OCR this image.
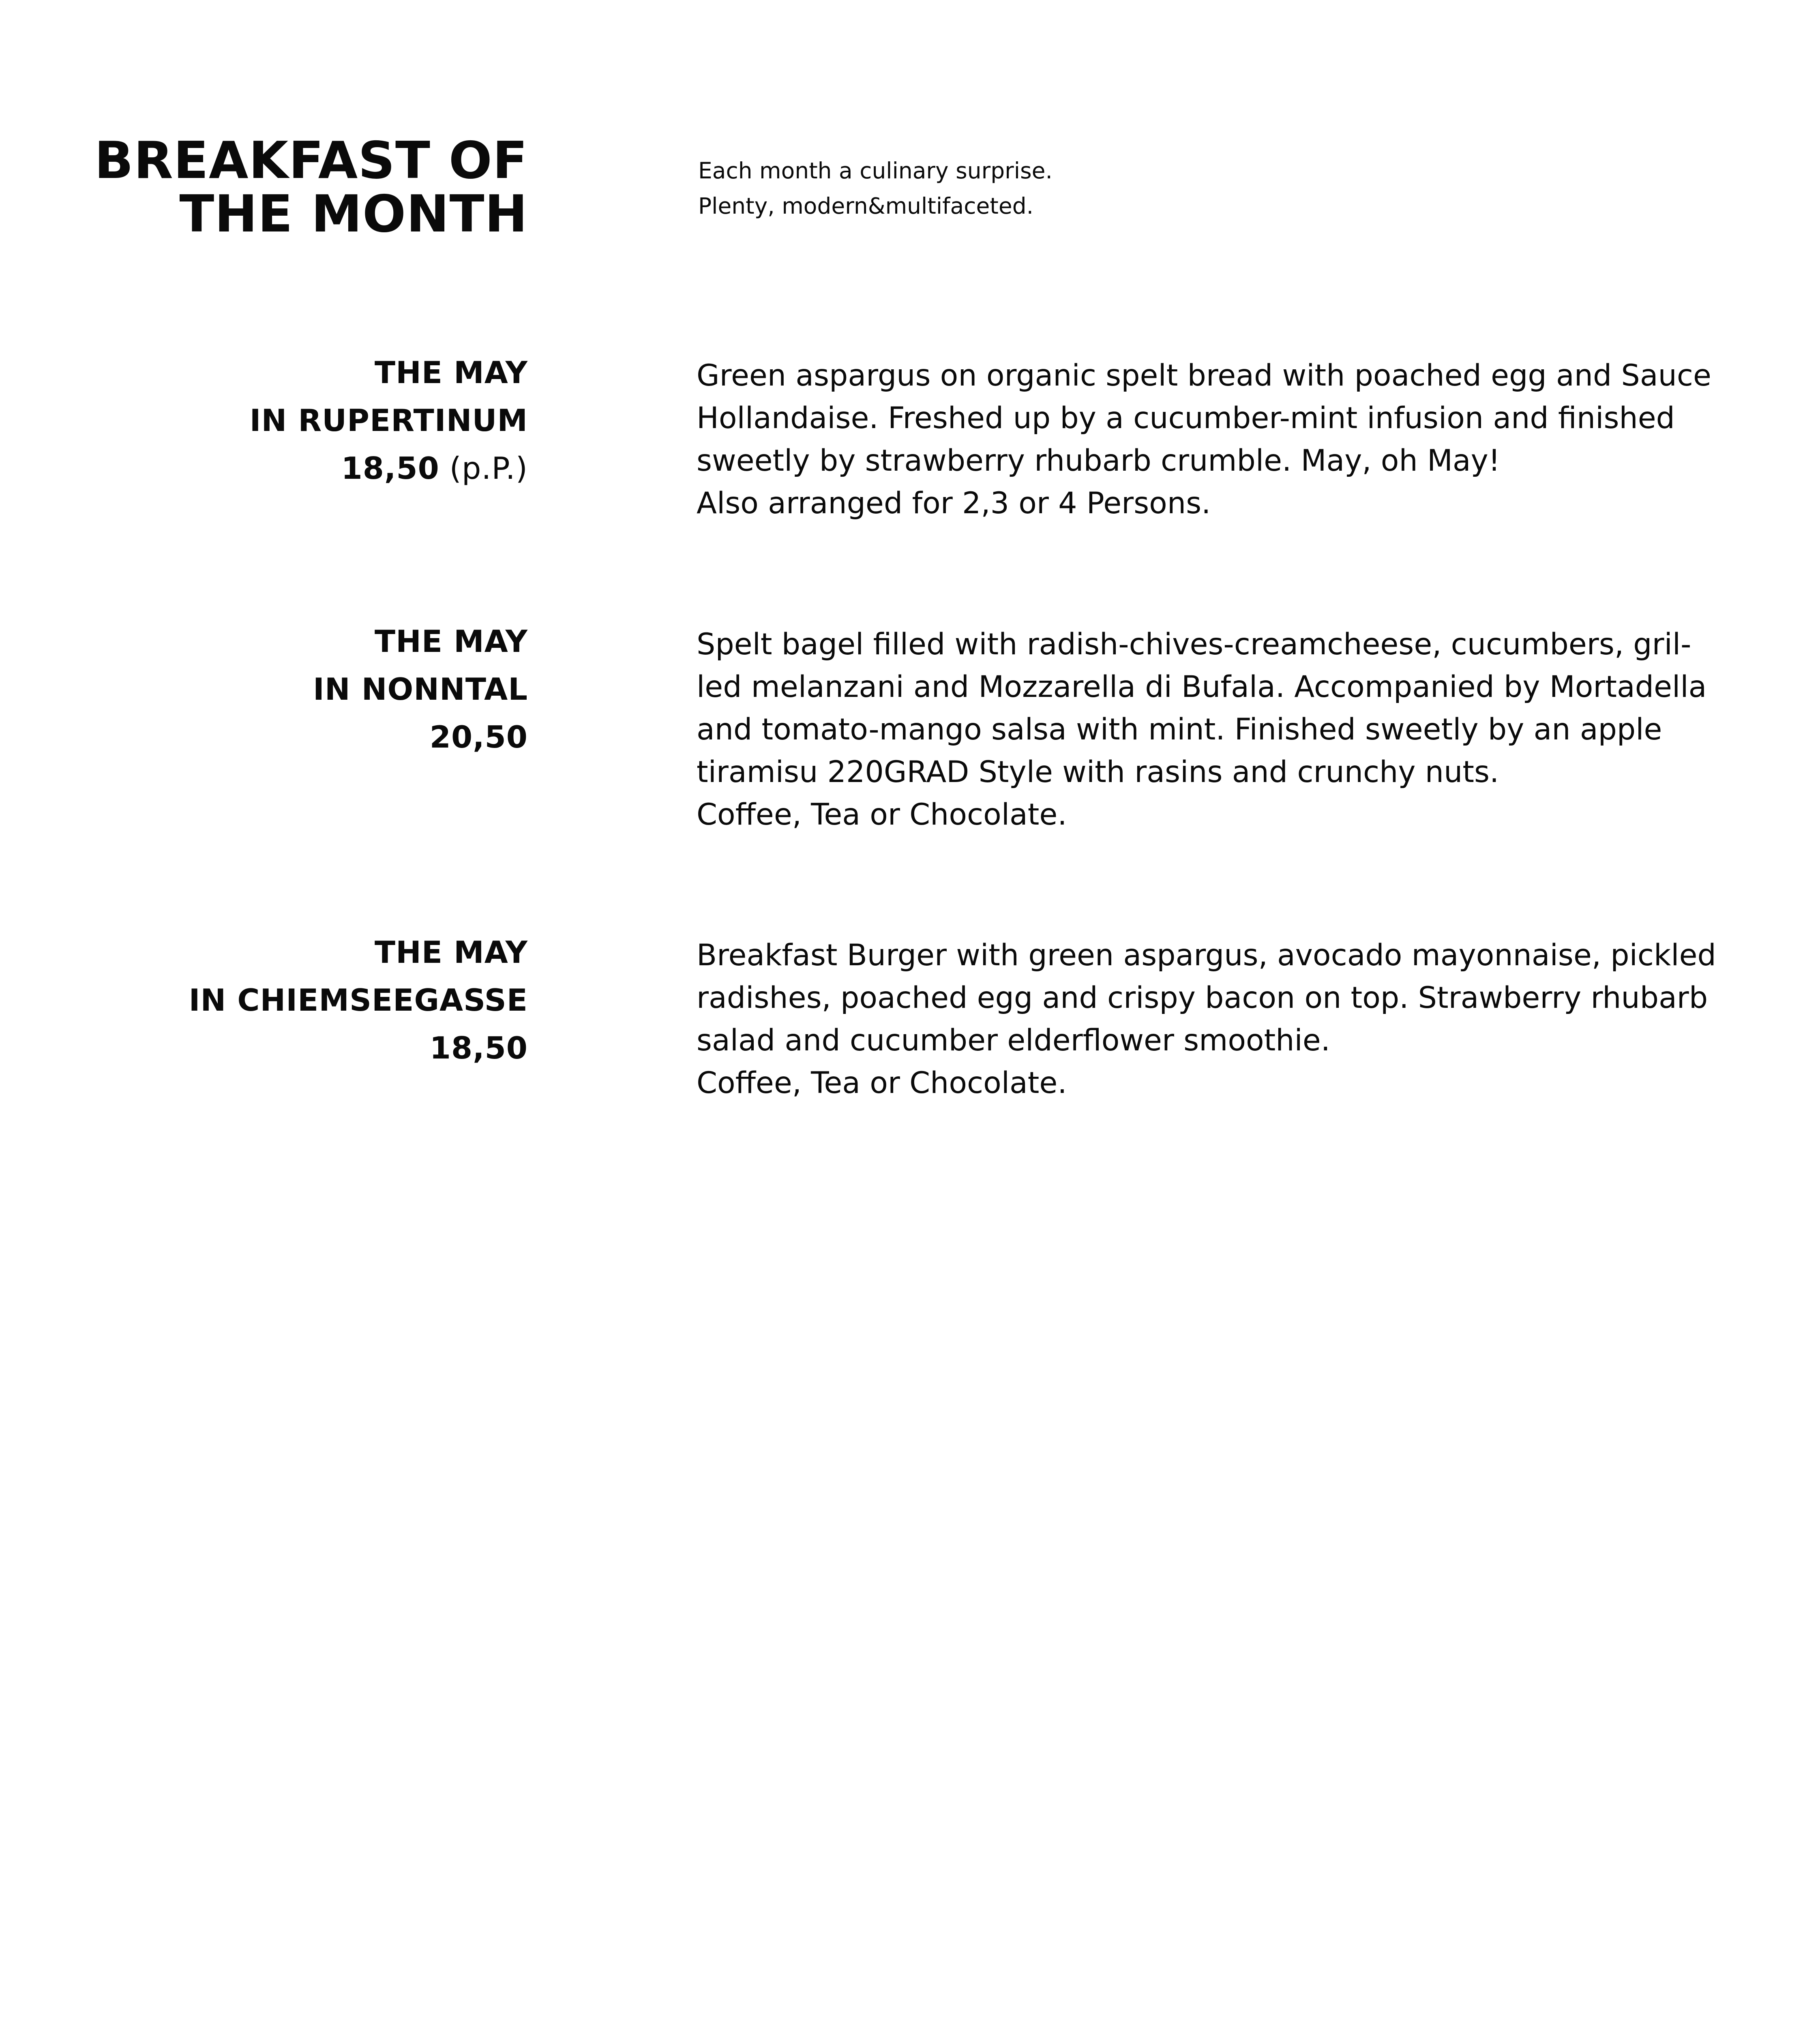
BREAKFAST OF
THE MONTH

Each month a culinary surprise.
Plenty, modern&multifaceted.

THE MAY
IN RUPERTINUM
18,50 (p.P.)

Green aspargus on organic spelt bread with poached egg and Sauce
Hollandaise. Freshed up by a cucumber-mint infusion and finished
sweetly by strawberry rhubarb crumble. May, oh May!
Also arranged for 2,3 or 4 Persons.

THE MAY
IN NONNTAL
20,50

Spelt bagel filled with radish-chives-creamcheese, cucumbers, gril-
led melanzani and Mozzarella di Bufala. Accompanied by Mortadella
and tomato-mango salsa with mint. Finished sweetly by an apple
tiramisu 220GRAD Style with rasins and crunchy nuts.
Coffee, Tea or Chocolate.

THE MAY
IN CHIEMSEEGASSE
18,50

Breakfast Burger with green aspargus, avocado mayonnaise, pickled
radishes, poached egg and crispy bacon on top. Strawberry rhubarb
salad and cucumber elderflower smoothie.
Coffee, Tea or Chocolate.
